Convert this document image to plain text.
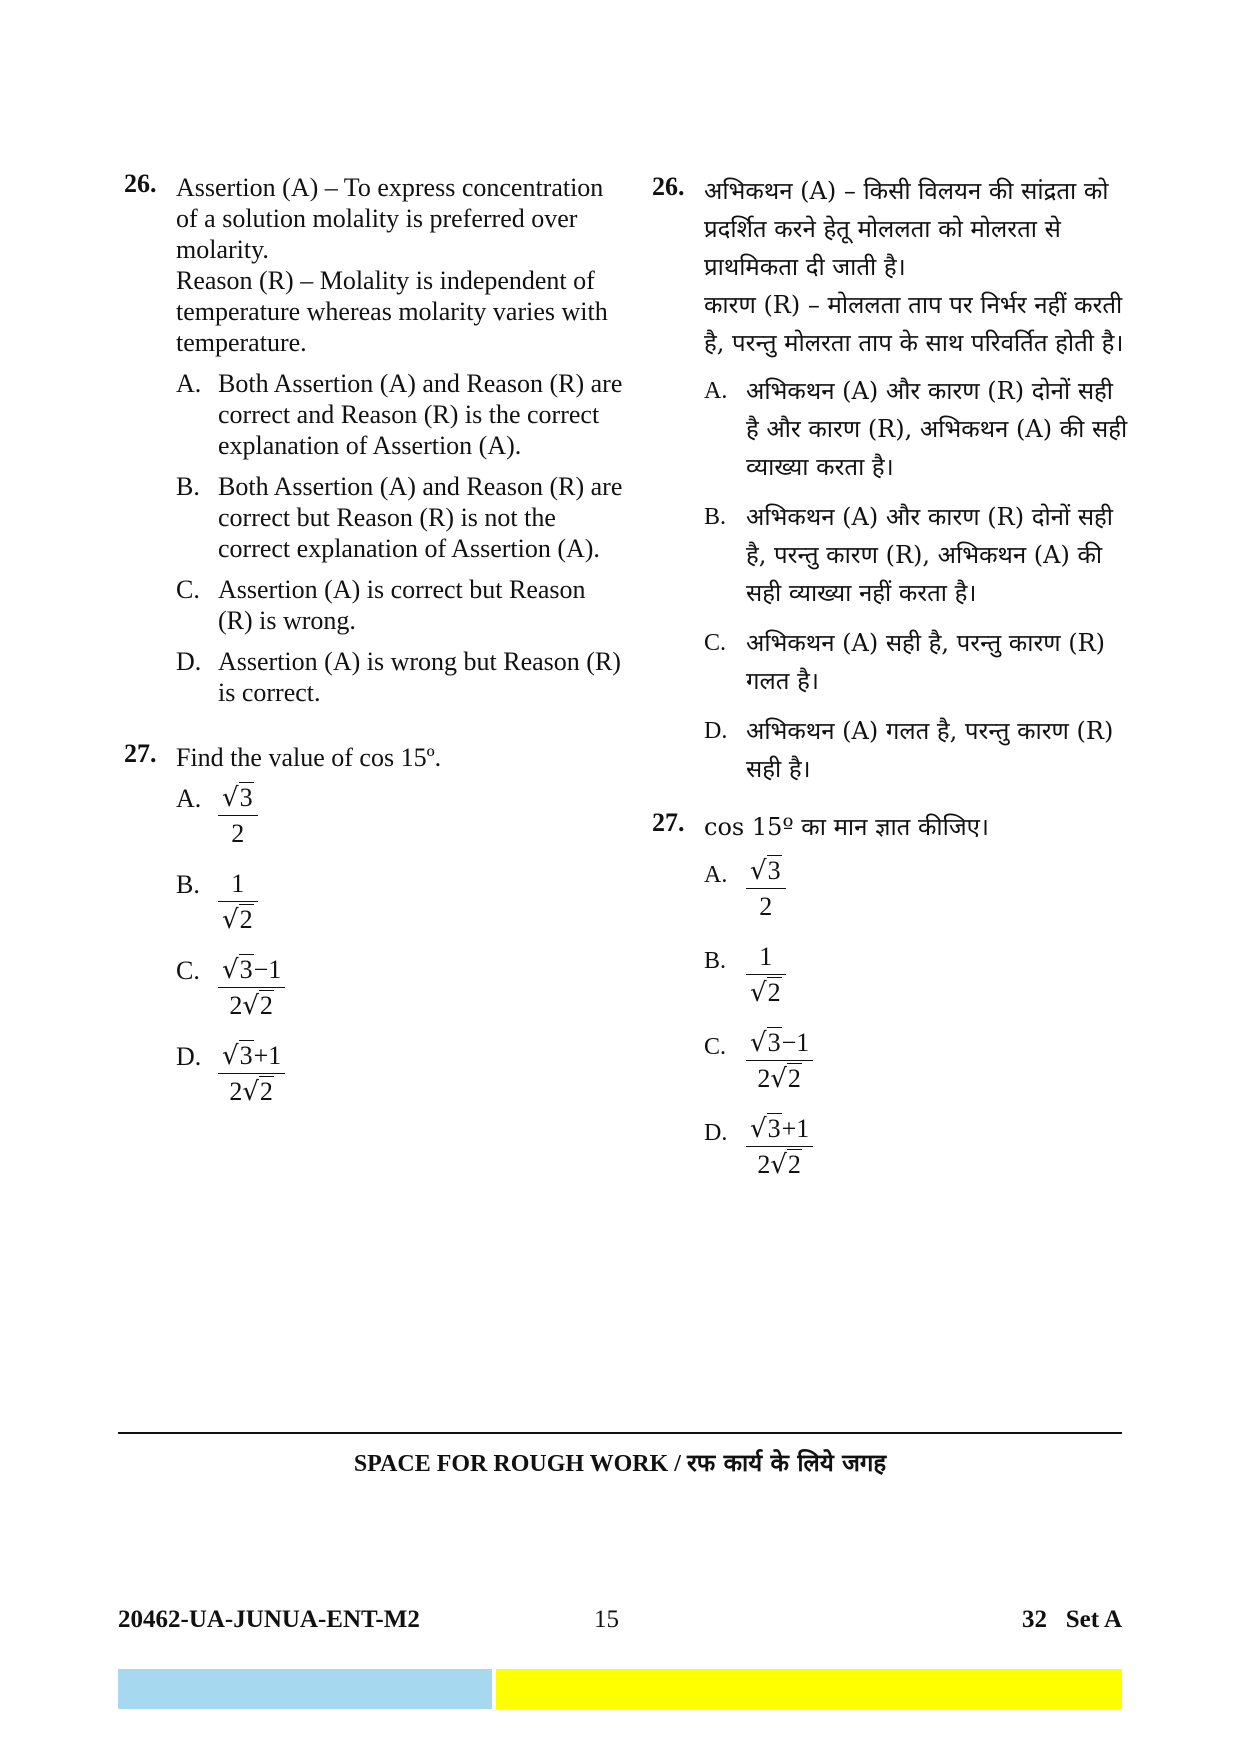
26. Assertion (A) – To express concentration of a solution molality is preferred over molarity.

Reason (R) – Molality is independent of temperature whereas molarity varies with temperature.

A. Both Assertion (A) and Reason (R) are correct and Reason (R) is the correct explanation of Assertion (A).
B. Both Assertion (A) and Reason (R) are correct but Reason (R) is not the correct explanation of Assertion (A).
C. Assertion (A) is correct but Reason (R) is wrong.
D. Assertion (A) is wrong but Reason (R) is correct.
27. Find the value of cos 15º.

A. $\frac{√3}{2}$
B. $\frac{1}{√2}$
C. $\frac{√3-1}{2√2}$
D. $\frac{√3+1}{2√2}$
26. अभिकथन (A) – किसी विलयन की सांद्रता को प्रदर्शित करने हेतू मोललता को मोलरता से प्राथमिकता दी जाती है।

कारण (R) – मोललता ताप पर निर्भर नहीं करती है, परन्तु मोलरता ताप के साथ परिवर्तित होती है।

A. अभिकथन (A) और कारण (R) दोनों सही है और कारण (R), अभिकथन (A) की सही व्याख्या करता है।
B. अभिकथन (A) और कारण (R) दोनों सही है, परन्तु कारण (R), अभिकथन (A) की सही व्याख्या नहीं करता है।
C. अभिकथन (A) सही है, परन्तु कारण (R) गलत है।
D. अभिकथन (A) गलत है, परन्तु कारण (R) सही है।
27. cos 15º का मान ज्ञात कीजिए।

A. $\frac{√3}{2}$
B. $\frac{1}{√2}$
C. $\frac{√3-1}{2√2}$
D. $\frac{√3+1}{2√2}$
SPACE FOR ROUGH WORK / रफ कार्य के लिये जगह
20462-UA-JUNUA-ENT-M2	15	32   Set A
